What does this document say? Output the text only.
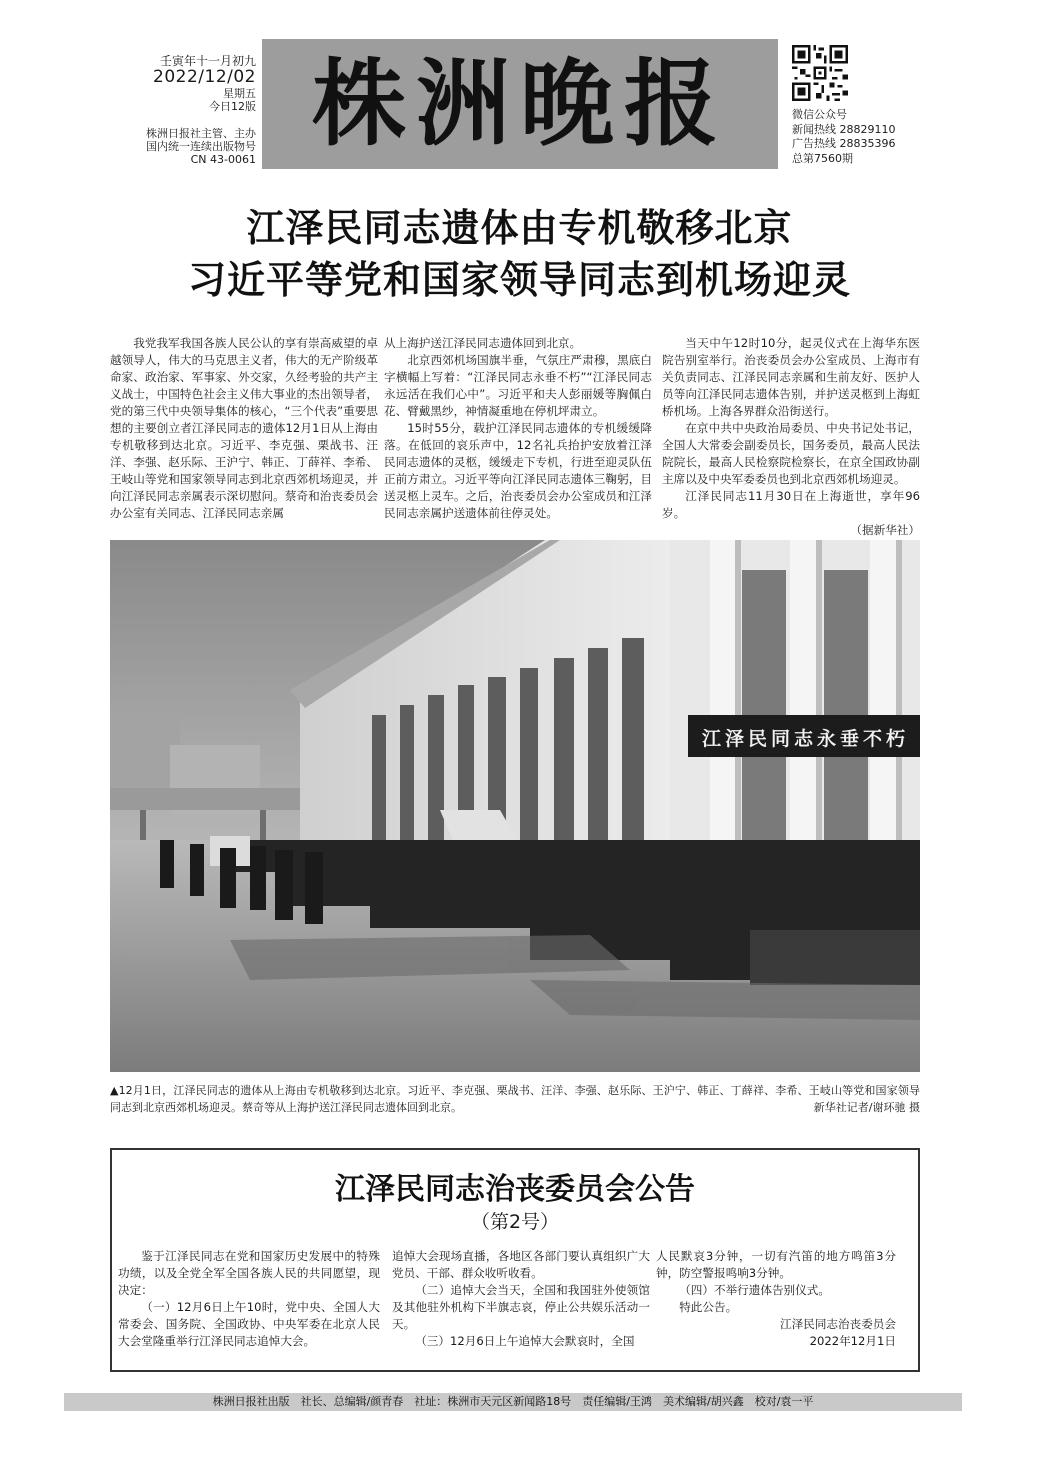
壬寅年十一月初九
2022/12/02
星期五
今日12版
株洲日报社主管、主办
国内统一连续出版物号
CN 43-0061
株洲晚报	微信公众号
新闻热线 28829110
广告热线 28835396
总第7560期
江泽民同志遗体由专机敬移北京
习近平等党和国家领导同志到机场迎灵

我党我军我国各族人民公认的享有崇高威望的卓越领导人，伟大的马克思主义者，伟大的无产阶级革命家、政治家、军事家、外交家，久经考验的共产主义战士，中国特色社会主义伟大事业的杰出领导者，党的第三代中央领导集体的核心，“三个代表”重要思想的主要创立者江泽民同志的遗体12月1日从上海由专机敬移到达北京。习近平、李克强、栗战书、汪洋、李强、赵乐际、王沪宁、韩正、丁薛祥、李希、王岐山等党和国家领导同志到北京西郊机场迎灵，并向江泽民同志亲属表示深切慰问。蔡奇和治丧委员会办公室有关同志、江泽民同志亲属

从上海护送江泽民同志遗体回到北京。

北京西郊机场国旗半垂，气氛庄严肃穆，黑底白字横幅上写着：“江泽民同志永垂不朽”“江泽民同志永远活在我们心中”。习近平和夫人彭丽媛等胸佩白花、臂戴黑纱，神情凝重地在停机坪肃立。

15时55分，载护江泽民同志遗体的专机缓缓降落。在低回的哀乐声中，12名礼兵抬护安放着江泽民同志遗体的灵柩，缓缓走下专机，行进至迎灵队伍正前方肃立。习近平等向江泽民同志遗体三鞠躬，目送灵柩上灵车。之后，治丧委员会办公室成员和江泽民同志亲属护送遗体前往停灵处。

当天中午12时10分，起灵仪式在上海华东医院告别室举行。治丧委员会办公室成员、上海市有关负责同志、江泽民同志亲属和生前友好、医护人员等向江泽民同志遗体告别，并护送灵柩到上海虹桥机场。上海各界群众沿街送行。

在京中共中央政治局委员、中央书记处书记，全国人大常委会副委员长，国务委员，最高人民法院院长，最高人民检察院检察长，在京全国政协副主席以及中央军委委员也到北京西郊机场迎灵。

江泽民同志11月30日在上海逝世，享年96岁。

（据新华社）

江泽民同志永垂不朽
▲12月1日，江泽民同志的遗体从上海由专机敬移到达北京。习近平、李克强、栗战书、汪洋、李强、赵乐际、王沪宁、韩正、丁薛祥、李希、王岐山等党和国家领导同志到北京西郊机场迎灵。蔡奇等从上海护送江泽民同志遗体回到北京。	新华社记者/谢环驰 摄
江泽民同志治丧委员会公告
（第2号）

鉴于江泽民同志在党和国家历史发展中的特殊功绩，以及全党全军全国各族人民的共同愿望，现决定：

（一）12月6日上午10时，党中央、全国人大常委会、国务院、全国政协、中央军委在北京人民大会堂隆重举行江泽民同志追悼大会。

追悼大会现场直播，各地区各部门要认真组织广大党员、干部、群众收听收看。

（二）追悼大会当天，全国和我国驻外使领馆及其他驻外机构下半旗志哀，停止公共娱乐活动一天。

（三）12月6日上午追悼大会默哀时，全国

人民默哀3分钟，一切有汽笛的地方鸣笛3分钟，防空警报鸣响3分钟。

（四）不举行遗体告别仪式。

特此公告。

江泽民同志治丧委员会

2022年12月1日

株洲日报社出版　社长、总编辑/颜青春　社址：株洲市天元区新闻路18号　责任编辑/王鸿　美术编辑/胡兴鑫　校对/袁一平
